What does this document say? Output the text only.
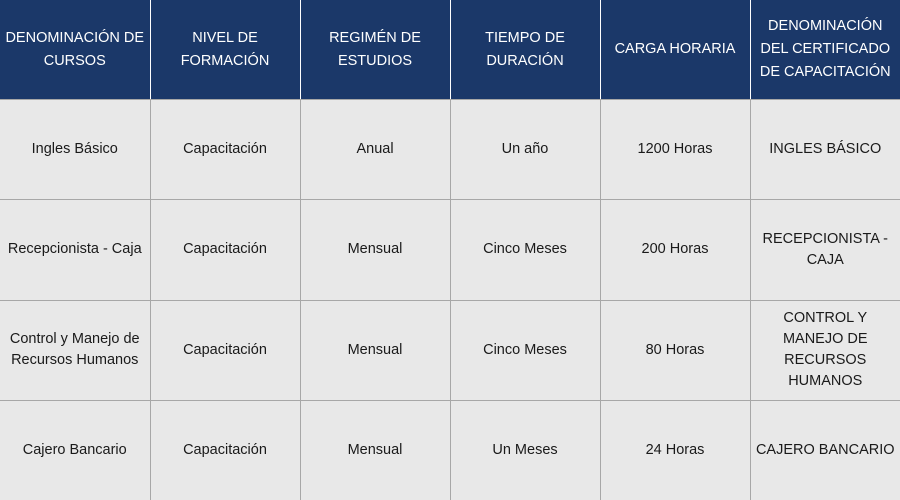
DENOMINACIÓN DE CURSOS	NIVEL DE FORMACIÓN	REGIMÉN DE ESTUDIOS	TIEMPO DE DURACIÓN	CARGA HORARIA	DENOMINACIÓN DEL CERTIFICADO DE CAPACITACIÓN
Ingles Básico	Capacitación	Anual	Un año	1200 Horas	INGLES BÁSICO
Recepcionista - Caja	Capacitación	Mensual	Cinco Meses	200 Horas	RECEPCIONISTA - CAJA
Control y Manejo de Recursos Humanos	Capacitación	Mensual	Cinco Meses	80 Horas	CONTROL Y MANEJO DE RECURSOS HUMANOS
Cajero Bancario	Capacitación	Mensual	Un Meses	24 Horas	CAJERO BANCARIO
